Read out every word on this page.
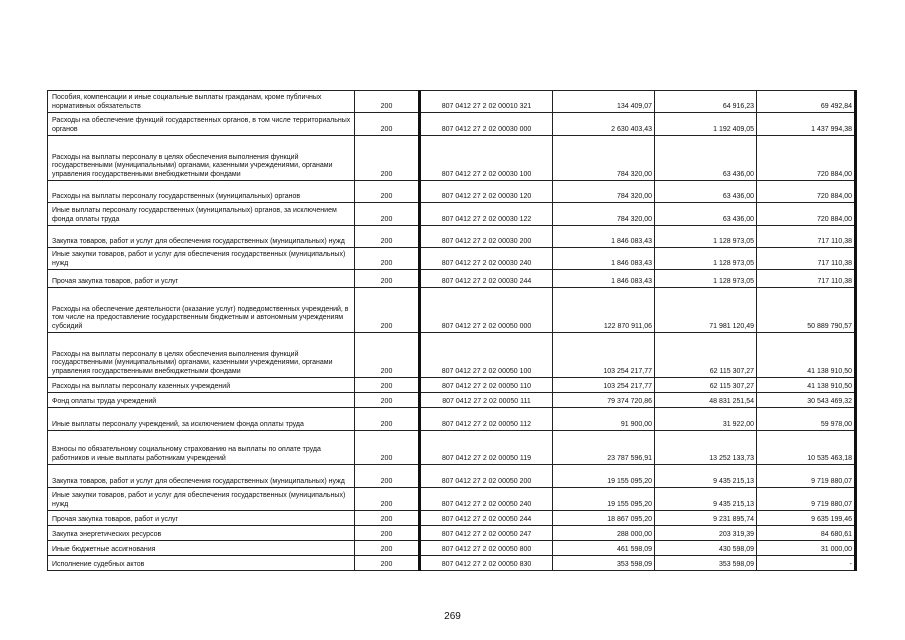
Пособия, компенсации и иные социальные выплаты гражданам, кроме публичных нормативных обязательств	200	807 0412 27 2 02 00010 321	134 409,07	64 916,23	69 492,84
Расходы на обеспечение функций государственных органов, в том числе территориальных органов	200	807 0412 27 2 02 00030 000	2 630 403,43	1 192 409,05	1 437 994,38
Расходы на выплаты персоналу в целях обеспечения выполнения функций государственными (муниципальными) органами, казенными учреждениями, органами управления государственными внебюджетными фондами	200	807 0412 27 2 02 00030 100	784 320,00	63 436,00	720 884,00
Расходы на выплаты персоналу государственных (муниципальных) органов	200	807 0412 27 2 02 00030 120	784 320,00	63 436,00	720 884,00
Иные выплаты персоналу государственных (муниципальных) органов, за исключением фонда оплаты труда	200	807 0412 27 2 02 00030 122	784 320,00	63 436,00	720 884,00
Закупка товаров, работ и услуг для обеспечения государственных (муниципальных) нужд	200	807 0412 27 2 02 00030 200	1 846 083,43	1 128 973,05	717 110,38
Иные закупки товаров, работ и услуг для обеспечения государственных (муниципальных) нужд	200	807 0412 27 2 02 00030 240	1 846 083,43	1 128 973,05	717 110,38
Прочая закупка товаров, работ и услуг	200	807 0412 27 2 02 00030 244	1 846 083,43	1 128 973,05	717 110,38
Расходы на обеспечение деятельности (оказание услуг) подведомственных учреждений, в том числе на предоставление государственным бюджетным и автономным учреждениям субсидий	200	807 0412 27 2 02 00050 000	122 870 911,06	71 981 120,49	50 889 790,57
Расходы на выплаты персоналу в целях обеспечения выполнения функций государственными (муниципальными) органами, казенными учреждениями, органами управления государственными внебюджетными фондами	200	807 0412 27 2 02 00050 100	103 254 217,77	62 115 307,27	41 138 910,50
Расходы на выплаты персоналу казенных учреждений	200	807 0412 27 2 02 00050 110	103 254 217,77	62 115 307,27	41 138 910,50
Фонд оплаты труда учреждений	200	807 0412 27 2 02 00050 111	79 374 720,86	48 831 251,54	30 543 469,32
Иные выплаты персоналу учреждений, за исключением фонда оплаты труда	200	807 0412 27 2 02 00050 112	91 900,00	31 922,00	59 978,00
Взносы по обязательному социальному страхованию на выплаты по оплате труда работников и иные выплаты работникам учреждений	200	807 0412 27 2 02 00050 119	23 787 596,91	13 252 133,73	10 535 463,18
Закупка товаров, работ и услуг для обеспечения государственных (муниципальных) нужд	200	807 0412 27 2 02 00050 200	19 155 095,20	9 435 215,13	9 719 880,07
Иные закупки товаров, работ и услуг для обеспечения государственных (муниципальных) нужд	200	807 0412 27 2 02 00050 240	19 155 095,20	9 435 215,13	9 719 880,07
Прочая закупка товаров, работ и услуг	200	807 0412 27 2 02 00050 244	18 867 095,20	9 231 895,74	9 635 199,46
Закупка энергетических ресурсов	200	807 0412 27 2 02 00050 247	288 000,00	203 319,39	84 680,61
Иные бюджетные ассигнования	200	807 0412 27 2 02 00050 800	461 598,09	430 598,09	31 000,00
Исполнение судебных актов	200	807 0412 27 2 02 00050 830	353 598,09	353 598,09	-
269
